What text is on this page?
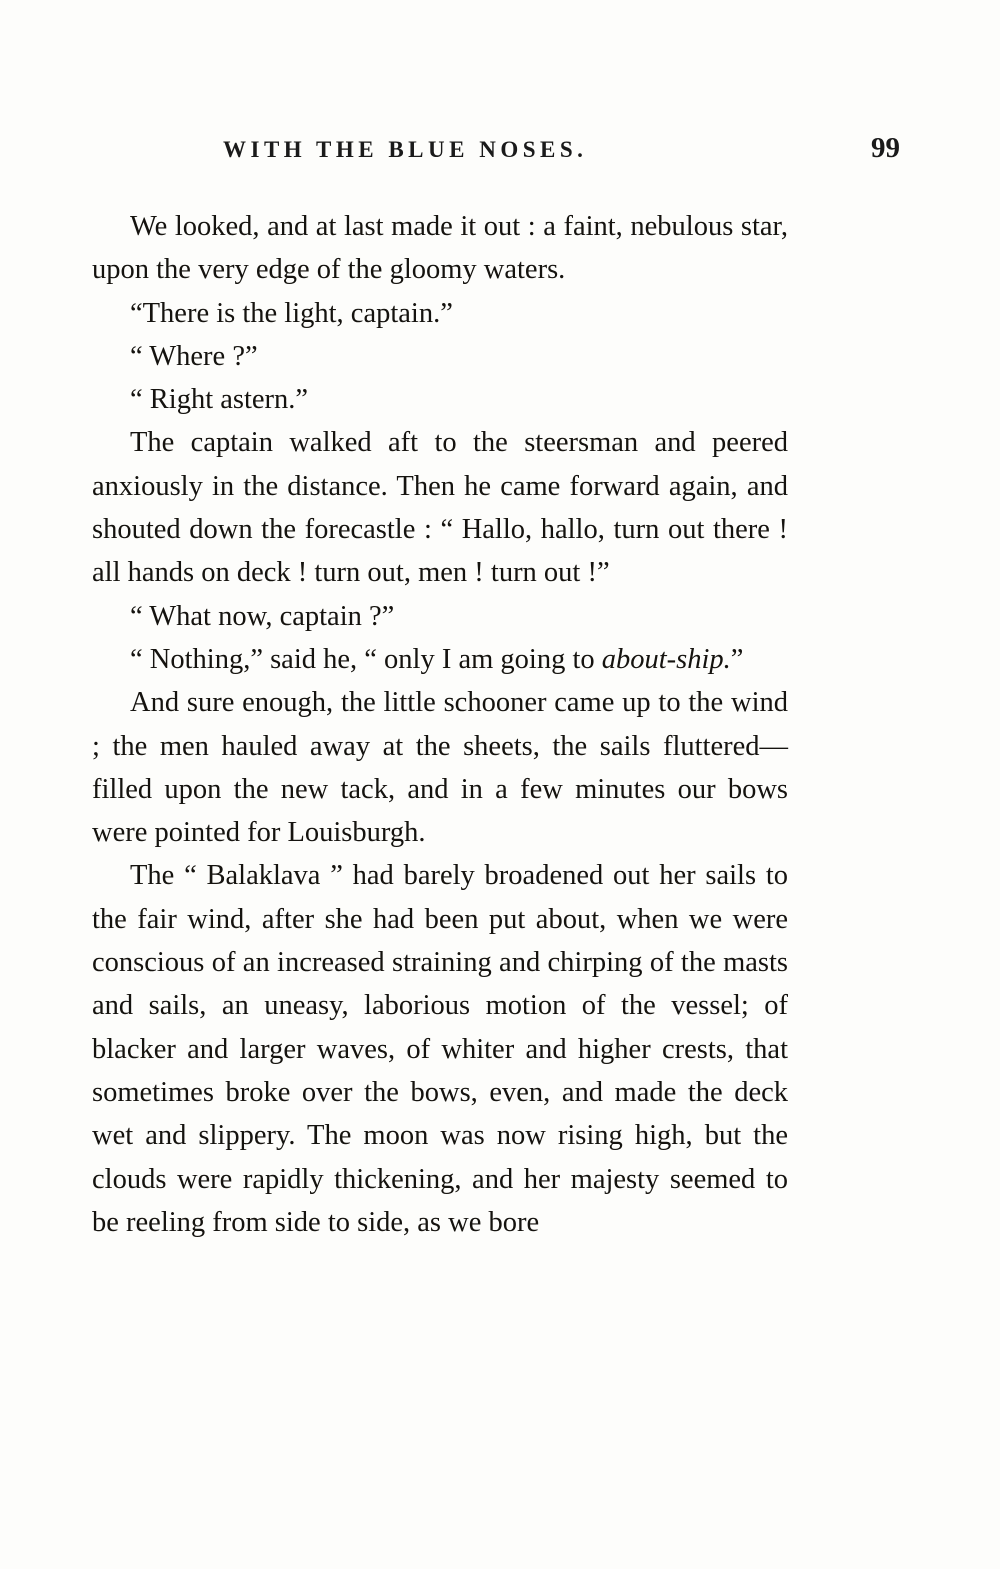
WITH THE BLUE NOSES.	99

We looked, and at last made it out : a faint, nebulous star, upon the very edge of the gloomy waters.

“There is the light, captain.”

“ Where ?”

“ Right astern.”

The captain walked aft to the steersman and peered anxiously in the distance. Then he came forward again, and shouted down the forecastle : “ Hallo, hallo, turn out there ! all hands on deck ! turn out, men ! turn out !”

“ What now, captain ?”

“ Nothing,” said he, “ only I am going to about-ship.”

And sure enough, the little schooner came up to the wind ; the men hauled away at the sheets, the sails fluttered—filled upon the new tack, and in a few minutes our bows were pointed for Louisburgh.

The “ Balaklava ” had barely broadened out her sails to the fair wind, after she had been put about, when we were conscious of an increased straining and chirping of the masts and sails, an uneasy, laborious motion of the vessel; of blacker and larger waves, of whiter and higher crests, that sometimes broke over the bows, even, and made the deck wet and slippery. The moon was now rising high, but the clouds were rapidly thickening, and her majesty seemed to be reeling from side to side, as we bore
